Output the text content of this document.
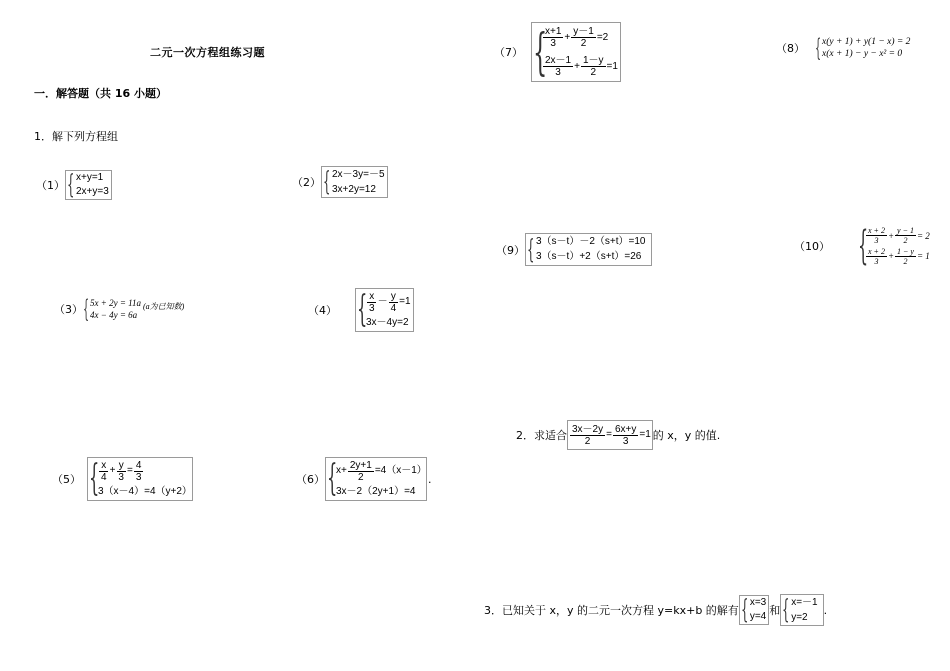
二元一次方程组练习题
一．解答题（共 16 小题）
1．解下列方程组
（1） { x+y=1
2x+y=3
（2） { 2x－3y=－5
3x+2y=12
（3） { 5x + 2y = 11a
4x − 4y = 6a
(a为已知数)	（4） { $\frac{x}{3} - \frac{y}{4} =1$
3x－4y=2
（5） { $\frac{x}{4} + \frac{y}{3} = \frac{4}{3}$
3（x－4）=4（y+2）
（6） {
$x+ \frac{2y+1}{2} =4(x-1)$
3x－2（2y+1）=4
.
（7） {
$\frac{x+1}{3} + \frac{y-1}{2} =2$
$\frac{2x-1}{3} + \frac{1-y}{2} =1$
（8） { x(y + 1) + y(1 − x) = 2
x(x + 1) − y − x² = 0
（9） { 3（s－t）－2（s+t）=10
3（s－t）+2（s+t）=26
（10） {
$\frac{x + 2}{3} + \frac{y - 1}{2} = 2$
$\frac{x + 2}{3} + \frac{1 - y}{2} = 1$
2．求适合 $\frac{3x-2y}{2} = \frac{6x+y}{3} =1$ 的 x，y 的值.
3．已知关于 x，y 的二元一次方程 y=kx+b 的解有 { x=3
y=4 和 { x=－1
y=2
.
